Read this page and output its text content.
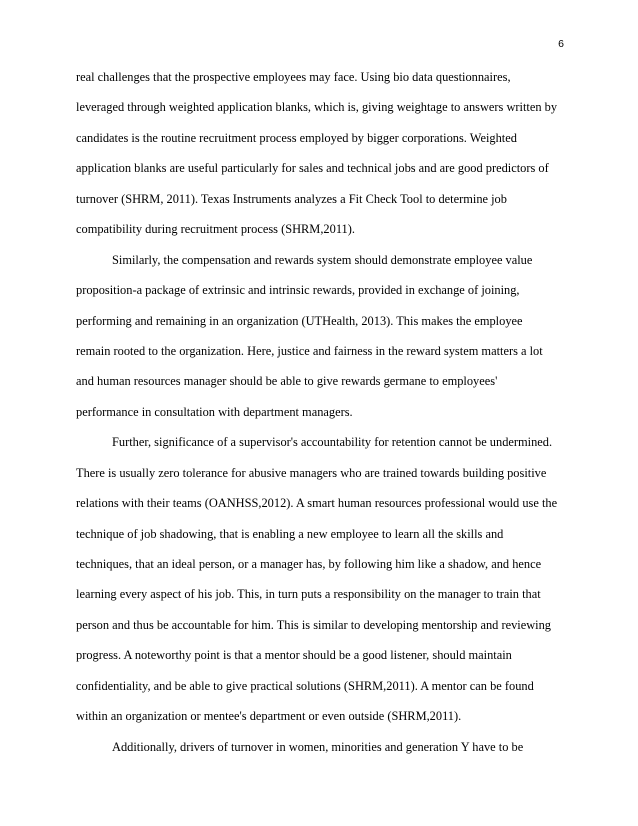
6
real challenges that the prospective employees may face. Using bio data questionnaires,
leveraged through weighted application blanks, which is, giving weightage to answers written by
candidates is the routine recruitment process employed by bigger corporations. Weighted
application blanks are useful particularly for sales and technical jobs and are good predictors of
turnover (SHRM, 2011). Texas Instruments analyzes a Fit Check Tool to determine job
compatibility during recruitment process (SHRM,2011).
Similarly, the compensation and rewards system should demonstrate employee value
proposition-a package of extrinsic and intrinsic rewards, provided in exchange of joining,
performing and remaining in an organization (UTHealth, 2013). This makes the employee
remain rooted to the organization. Here, justice and fairness in the reward system matters a lot
and human resources manager should be able to give rewards germane to employees'
performance in consultation with department managers.
Further, significance of a supervisor's accountability for retention cannot be undermined.
There is usually zero tolerance for abusive managers who are trained towards building positive
relations with their teams (OANHSS,2012). A smart human resources professional would use the
technique of job shadowing, that is enabling a new employee to learn all the skills and
techniques, that an ideal person, or a manager has, by following him like a shadow, and hence
learning every aspect of his job. This, in turn puts a responsibility on the manager to train that
person and thus be accountable for him. This is similar to developing mentorship and reviewing
progress. A noteworthy point is that a mentor should be a good listener, should maintain
confidentiality, and be able to give practical solutions (SHRM,2011). A mentor can be found
within an organization or mentee's department or even outside (SHRM,2011).
Additionally, drivers of turnover in women, minorities and generation Y have to be
